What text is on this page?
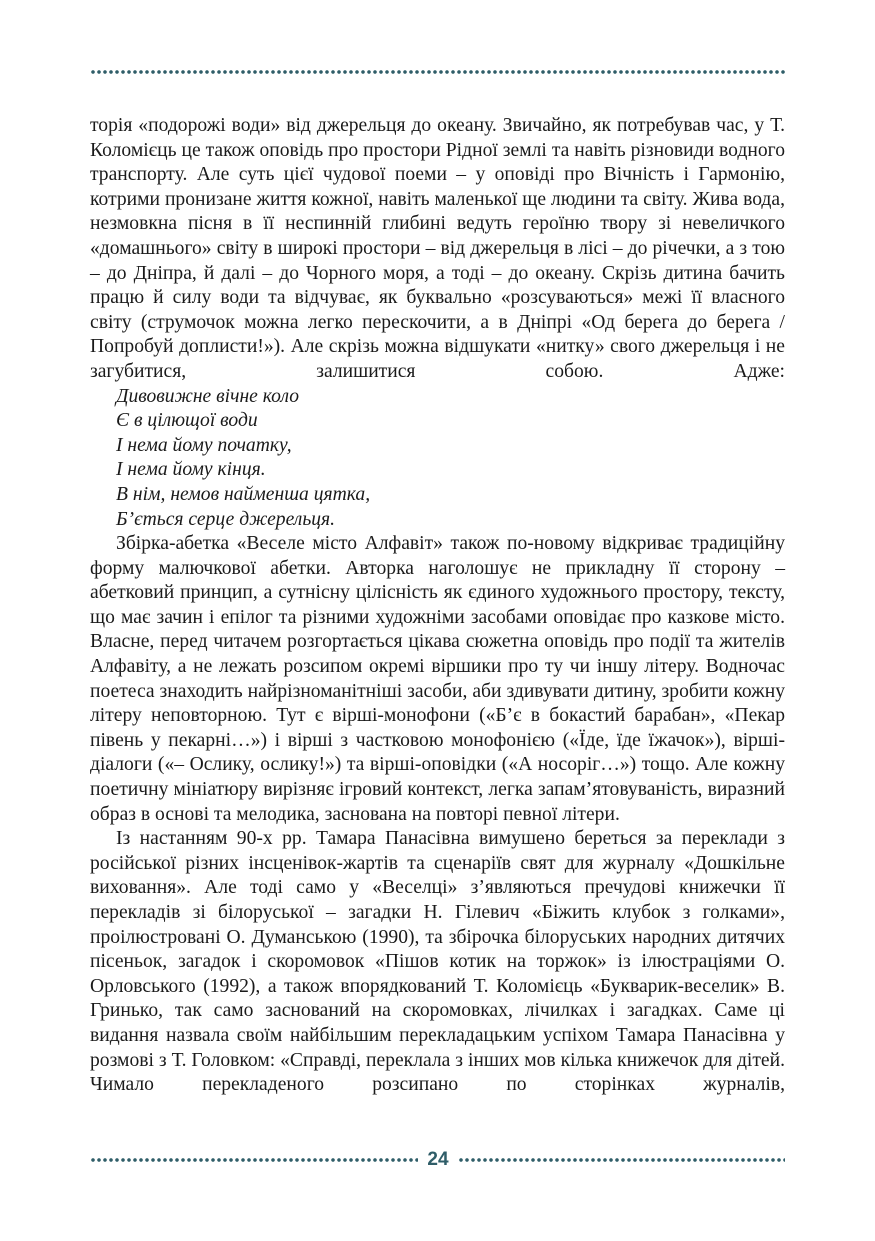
торія «подорожі води» від джерельця до океану. Звичайно, як потребував час, у Т. Коломієць це також оповідь про простори Рідної землі та навіть різновиди водного транспорту. Але суть цієї чудової поеми – у оповіді про Вічність і Гармонію, котрими пронизане життя кожної, навіть маленької ще людини та світу. Жива вода, незмовкна пісня в її неспинній глибині ведуть героїню твору зі невеличкого «домашнього» світу в широкі простори – від джерельця в лісі – до річечки, а з тою – до Дніпра, й далі – до Чорного моря, а тоді – до океану. Скрізь дитина бачить працю й силу води та відчуває, як буквально «розсуваються» межі її власного світу (струмочок можна легко перескочити, а в Дніпрі «Од берега до берега / Попробуй доплисти!»). Але скрізь можна відшукати «нитку» свого джерельця і не загубитися, залишитися собою. Адже:

Дивовижне вічне коло
Є в цілющої води
І нема йому початку,
І нема йому кінця.
В нім, немов найменша цятка,
Б’ється серце джерельця.

Збірка-абетка «Веселе місто Алфавіт» також по-новому відкриває традиційну форму малючкової абетки. Авторка наголошує не прикладну її сторону – абетковий принцип, а сутнісну цілісність як єдиного художнього простору, тексту, що має зачин і епілог та різними художніми засобами оповідає про казкове місто. Власне, перед читачем розгортається цікава сюжетна оповідь про події та жителів Алфавіту, а не лежать розсипом окремі віршики про ту чи іншу літеру. Водночас поетеса знаходить найрізноманітніші засоби, аби здивувати дитину, зробити кожну літеру неповторною. Тут є вірші-монофони («Б’є в бокастий барабан», «Пекар півень у пекарні…») і вірші з частковою монофонією («Їде, їде їжачок»), вірші-діалоги («– Ослику, ослику!») та вірші-оповідки («А носоріг…») тощо. Але кожну поетичну мініатюру вирізняє ігровий контекст, легка запам’ятовуваність, виразний образ в основі та мелодика, заснована на повторі певної літери.

Із настанням 90-х рр. Тамара Панасівна вимушено береться за переклади з російської різних інсценівок-жартів та сценаріїв свят для журналу «Дошкільне виховання». Але тоді само у «Веселці» з’являються пречудові книжечки її перекладів зі білоруської – загадки Н. Гілевич «Біжить клубок з голками», проілюстровані О. Думанською (1990), та збірочка білоруських народних дитячих пісеньок, загадок і скоромовок «Пішов котик на торжок» із ілюстраціями О. Орловського (1992), а також впорядкований Т. Коломієць «Букварик-веселик» В. Гринько, так само заснований на скоромовках, лічилках і загадках. Саме ці видання назвала своїм найбільшим перекладацьким успіхом Тамара Панасівна у розмові з Т. Головком: «Справді, переклала з інших мов кілька книжечок для дітей. Чимало перекладеного розсипано по сторінках журналів,

24
